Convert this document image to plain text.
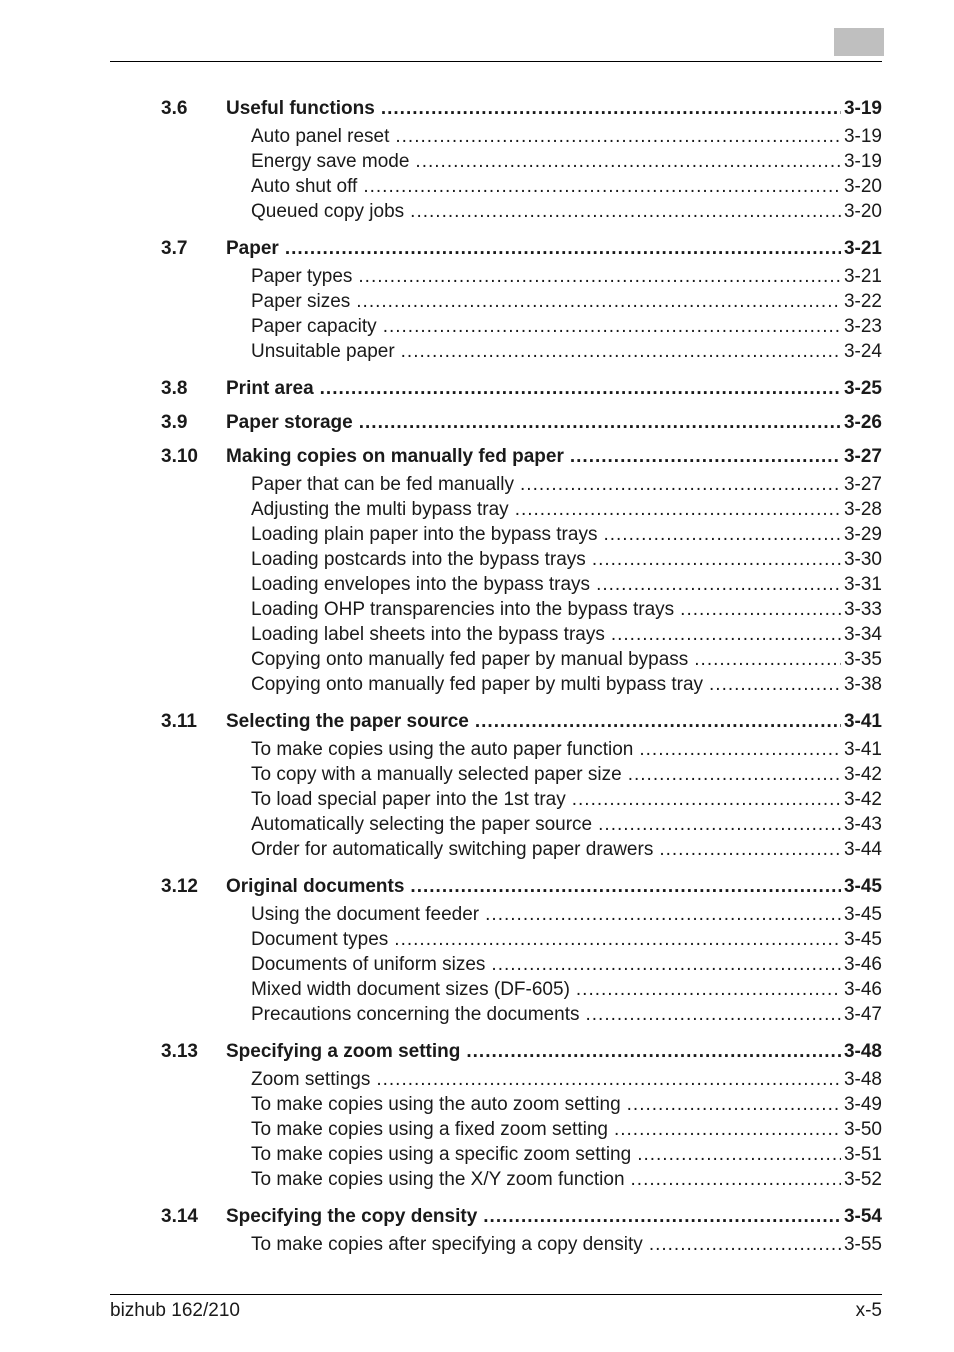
3.6 Useful functions .....	3-19
Auto panel reset .....	3-19
Energy save mode .....	3-19
Auto shut off .....	3-20
Queued copy jobs .....	3-20
3.7 Paper .....	3-21
Paper types .....	3-21
Paper sizes .....	3-22
Paper capacity .....	3-23
Unsuitable paper .....	3-24
3.8 Print area .....	3-25
3.9 Paper storage .....	3-26
3.10 Making copies on manually fed paper .....	3-27
Paper that can be fed manually .....	3-27
Adjusting the multi bypass tray .....	3-28
Loading plain paper into the bypass trays .....	3-29
Loading postcards into the bypass trays .....	3-30
Loading envelopes into the bypass trays .....	3-31
Loading OHP transparencies into the bypass trays .....	3-33
Loading label sheets into the bypass trays .....	3-34
Copying onto manually fed paper by manual bypass .....	3-35
Copying onto manually fed paper by multi bypass tray .....	3-38
3.11 Selecting the paper source .....	3-41
To make copies using the auto paper function .....	3-41
To copy with a manually selected paper size .....	3-42
To load special paper into the 1st tray .....	3-42
Automatically selecting the paper source .....	3-43
Order for automatically switching paper drawers .....	3-44
3.12 Original documents .....	3-45
Using the document feeder .....	3-45
Document types .....	3-45
Documents of uniform sizes .....	3-46
Mixed width document sizes (DF-605) .....	3-46
Precautions concerning the documents .....	3-47
3.13 Specifying a zoom setting .....	3-48
Zoom settings .....	3-48
To make copies using the auto zoom setting .....	3-49
To make copies using a fixed zoom setting .....	3-50
To make copies using a specific zoom setting .....	3-51
To make copies using the X/Y zoom function .....	3-52
3.14 Specifying the copy density .....	3-54
To make copies after specifying a copy density .....	3-55
bizhub 162/210	x-5
